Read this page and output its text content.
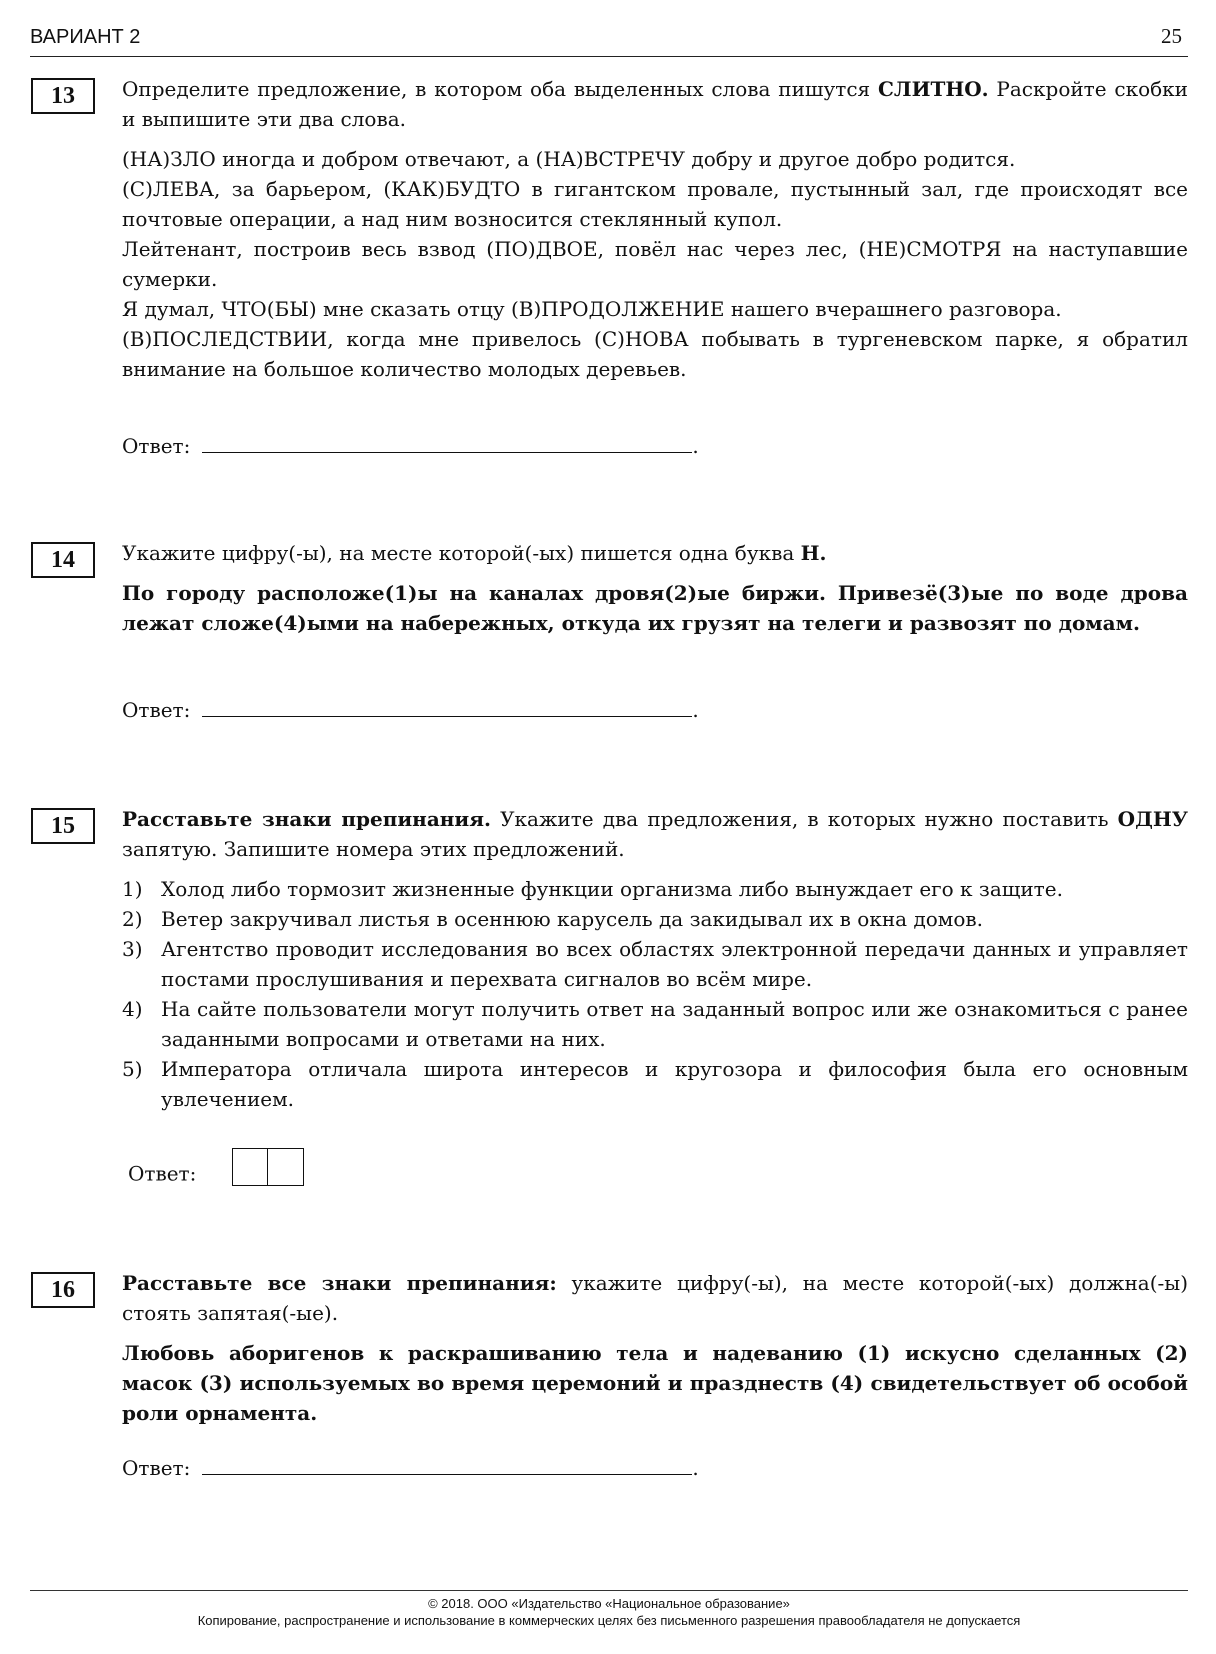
ВАРИАНТ 2	25
13	Определите предложение, в котором оба выделенных слова пишутся СЛИТНО. Раскройте скобки и выпишите эти два слова.

(НА)ЗЛО иногда и добром отвечают, а (НА)ВСТРЕЧУ добру и другое добро родится.

(С)ЛЕВА, за барьером, (КАК)БУДТО в гигантском провале, пустынный зал, где происходят все почтовые операции, а над ним возносится стеклянный купол.

Лейтенант, построив весь взвод (ПО)ДВОЕ, повёл нас через лес, (НЕ)СМОТРЯ на наступавшие сумерки.

Я думал, ЧТО(БЫ) мне сказать отцу (В)ПРОДОЛЖЕНИЕ нашего вчерашнего разговора.

(В)ПОСЛЕДСТВИИ, когда мне привелось (С)НОВА побывать в тургеневском парке, я обратил внимание на большое количество молодых деревьев.

Ответ:	.
14	Укажите цифру(-ы), на месте которой(-ых) пишется одна буква Н.

По городу расположе(1)ы на каналах дровя(2)ые биржи. Привезё(3)ые по воде дрова лежат сложе(4)ыми на набережных, откуда их грузят на телеги и развозят по домам.

Ответ:	.
15	Расставьте знаки препинания. Укажите два предложения, в которых нужно поставить ОДНУ запятую. Запишите номера этих предложений.

1) Холод либо тормозит жизненные функции организма либо вынуждает его к защите.
2) Ветер закручивал листья в осеннюю карусель да закидывал их в окна домов.
3) Агентство проводит исследования во всех областях электронной передачи данных и управляет постами прослушивания и перехвата сигналов во всём мире.
4) На сайте пользователи могут получить ответ на заданный вопрос или же ознакомиться с ранее заданными вопросами и ответами на них.
5) Императора отличала широта интересов и кругозора и философия была его основным увлечением.
Ответ:
16	Расставьте все знаки препинания: укажите цифру(-ы), на месте которой(-ых) должна(-ы) стоять запятая(-ые).

Любовь аборигенов к раскрашиванию тела и надеванию (1) искусно сделанных (2) масок (3) используемых во время церемоний и празднеств (4) свидетельствует об особой роли орнамента.

Ответ:	.
© 2018. ООО «Издательство «Национальное образование»
Копирование, распространение и использование в коммерческих целях без письменного разрешения правообладателя не допускается
